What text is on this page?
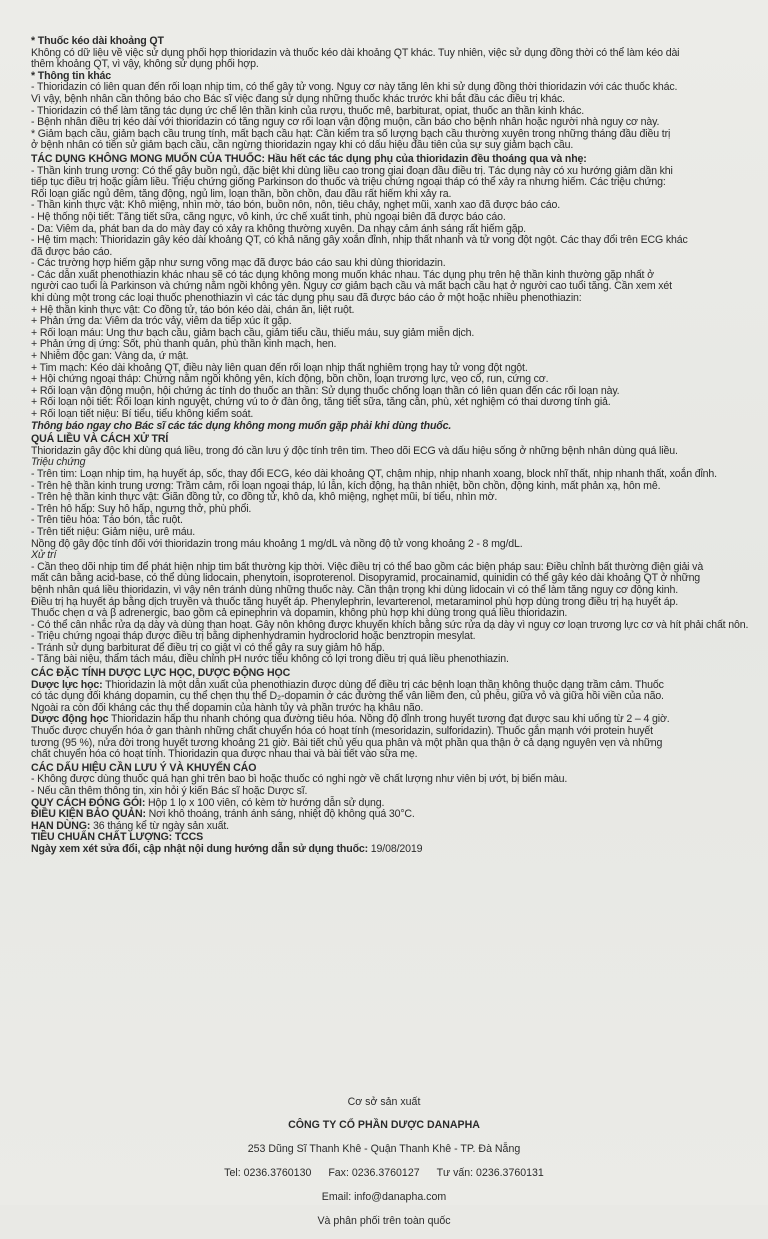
* Thuốc kéo dài khoảng QT

Không có dữ liệu về việc sử dụng phối hợp thioridazin và thuốc kéo dài khoảng QT khác. Tuy nhiên, việc sử dụng đồng thời có thể làm kéo dài

thêm khoảng QT, vì vậy, không sử dụng phối hợp.

* Thông tin khác

- Thioridazin có liên quan đến rối loạn nhịp tim, có thể gây tử vong. Nguy cơ này tăng lên khi sử dụng đồng thời thioridazin với các thuốc khác.

Vì vậy, bệnh nhân cần thông báo cho Bác sĩ việc đang sử dụng những thuốc khác trước khi bắt đầu các điều trị khác.

- Thioridazin có thể làm tăng tác dụng ức chế lên thần kinh của rượu, thuốc mê, barbiturat, opiat, thuốc an thần kinh khác.

- Bệnh nhân điều trị kéo dài với thioridazin có tăng nguy cơ rối loạn vận động muộn, cần báo cho bệnh nhân hoặc người nhà nguy cơ này.

* Giảm bạch cầu, giảm bạch cầu trung tính, mất bạch cầu hạt: Cần kiểm tra số lượng bạch cầu thường xuyên trong những tháng đầu điều trị

ở bệnh nhân có tiền sử giảm bạch cầu, cần ngừng thioridazin ngay khi có dấu hiệu đầu tiên của sự suy giảm bạch cầu.

TÁC DỤNG KHÔNG MONG MUỐN CỦA THUỐC: Hầu hết các tác dụng phụ của thioridazin đều thoáng qua và nhẹ:

- Thần kinh trung ương: Có thể gây buồn ngủ, đặc biệt khi dùng liều cao trong giai đoạn đầu điều trị. Tác dụng này có xu hướng giảm dần khi

tiếp tục điều trị hoặc giảm liều. Triệu chứng giống Parkinson do thuốc và triệu chứng ngoại tháp có thể xảy ra nhưng hiếm. Các triệu chứng:

Rối loạn giấc ngủ đêm, tăng động, ngủ lim, loạn thần, bồn chồn, đau đầu rất hiếm khi xảy ra.

- Thần kinh thực vật: Khô miệng, nhìn mờ, táo bón, buồn nôn, nôn, tiêu chảy, nghẹt mũi, xanh xao đã được báo cáo.

- Hệ thống nội tiết: Tăng tiết sữa, căng ngực, vô kinh, ức chế xuất tinh, phù ngoại biên đã được báo cáo.

- Da: Viêm da, phát ban da do mày đay có xảy ra không thường xuyên. Da nhạy cảm ánh sáng rất hiếm gặp.

- Hệ tim mạch: Thioridazin gây kéo dài khoảng QT, có khả năng gây xoắn đỉnh, nhịp thất nhanh và tử vong đột ngột. Các thay đổi trên ECG khác

đã được báo cáo.

- Các trường hợp hiếm gặp như sưng võng mạc đã được báo cáo sau khi dùng thioridazin.

- Các dẫn xuất phenothiazin khác nhau sẽ có tác dụng không mong muốn khác nhau. Tác dụng phụ trên hệ thần kinh thường gặp nhất ở

người cao tuổi là Parkinson và chứng nằm ngồi không yên. Nguy cơ giảm bạch cầu và mất bạch cầu hạt ở người cao tuổi tăng. Cần xem xét

khi dùng một trong các loại thuốc phenothiazin vì các tác dụng phụ sau đã được báo cáo ở một hoặc nhiều phenothiazin:

+ Hệ thần kinh thực vật: Co đồng tử, táo bón kéo dài, chán ăn, liệt ruột.

+ Phản ứng da: Viêm da tróc vảy, viêm da tiếp xúc ít gặp.

+ Rối loạn máu: Ung thư bạch cầu, giảm bạch cầu, giảm tiểu cầu, thiếu máu, suy giảm miễn dịch.

+ Phản ứng dị ứng: Sốt, phù thanh quản, phù thần kinh mạch, hen.

+ Nhiễm độc gan: Vàng da, ứ mật.

+ Tim mạch: Kéo dài khoảng QT, điều này liên quan đến rối loạn nhịp thất nghiêm trọng hay tử vong đột ngột.

+ Hội chứng ngoại tháp: Chứng nằm ngồi không yên, kích động, bồn chồn, loạn trương lực, vẹo cổ, run, cứng cơ.

+ Rối loạn vận động muộn, hội chứng ác tính do thuốc an thần: Sử dụng thuốc chống loạn thần có liên quan đến các rối loạn này.

+ Rối loạn nội tiết: Rối loạn kinh nguyệt, chứng vú to ở đàn ông, tăng tiết sữa, tăng cân, phù, xét nghiệm có thai dương tính giả.

+ Rối loạn tiết niệu: Bí tiểu, tiểu không kiểm soát.

Thông báo ngay cho Bác sĩ các tác dụng không mong muốn gặp phải khi dùng thuốc.

QUÁ LIỀU VÀ CÁCH XỬ TRÍ

Thioridazin gây độc khi dùng quá liều, trong đó cần lưu ý độc tính trên tim. Theo dõi ECG và dấu hiệu sống ở những bệnh nhân dùng quá liều.

Triệu chứng

- Trên tim: Loạn nhịp tim, hạ huyết áp, sốc, thay đổi ECG, kéo dài khoảng QT, chậm nhịp, nhịp nhanh xoang, block nhĩ thất, nhịp nhanh thất, xoắn đỉnh.

- Trên hệ thần kinh trung ương: Trầm cảm, rối loạn ngoại tháp, lú lẫn, kích động, hạ thân nhiệt, bồn chồn, động kinh, mất phản xạ, hôn mê.

- Trên hệ thần kinh thực vật: Giãn đồng tử, co đồng tử, khô da, khô miệng, nghẹt mũi, bí tiểu, nhìn mờ.

- Trên hô hấp: Suy hô hấp, ngưng thở, phù phổi.

- Trên tiêu hóa: Táo bón, tắc ruột.

- Trên tiết niệu: Giảm niệu, urê máu.

Nồng độ gây độc tính đối với thioridazin trong máu khoảng 1 mg/dL và nồng độ tử vong khoảng 2 - 8 mg/dL.

Xử trí

- Cần theo dõi nhịp tim để phát hiện nhịp tim bất thường kịp thời. Việc điều trị có thể bao gồm các biện pháp sau: Điều chỉnh bất thường điện giải và

mất cân bằng acid-base, có thể dùng lidocain, phenytoin, isoproterenol. Disopyramid, procainamid, quinidin có thể gây kéo dài khoảng QT ở những

bệnh nhân quá liều thioridazin, vì vậy nên tránh dùng những thuốc này. Cần thận trọng khi dùng lidocain vì có thể làm tăng nguy cơ động kinh.

Điều trị hạ huyết áp bằng dịch truyền và thuốc tăng huyết áp. Phenylephrin, levarterenol, metaraminol phù hợp dùng trong điều trị hạ huyết áp.

Thuốc chẹn α và β adrenergic, bao gồm cả epinephrin và dopamin, không phù hợp khi dùng trong quá liều thioridazin.

- Có thể cân nhắc rửa dạ dày và dùng than hoạt. Gây nôn không được khuyến khích bằng sức rửa dạ dày vì nguy cơ loạn trương lực cơ và hít phải chất nôn.

- Triệu chứng ngoại tháp được điều trị bằng diphenhydramin hydroclorid hoặc benztropin mesylat.

- Tránh sử dụng barbiturat để điều trị co giật vì có thể gây ra suy giảm hô hấp.

- Tăng bài niệu, thẩm tách máu, điều chỉnh pH nước tiểu không có lợi trong điều trị quá liều phenothiazin.

CÁC ĐẶC TÍNH DƯỢC LỰC HỌC, DƯỢC ĐỘNG HỌC

Dược lực học: Thioridazin là một dẫn xuất của phenothiazin được dùng để điều trị các bệnh loạn thần không thuộc dạng trầm cảm. Thuốc

có tác dụng đối kháng dopamin, cụ thể chẹn thụ thể D₂-dopamin ở các đường thể vân liềm đen, củ phễu, giữa vỏ và giữa hồi viền của não.

Ngoài ra còn đối kháng các thụ thể dopamin của hành tủy và phần trước hạ khâu não.

Dược động học Thioridazin hấp thu nhanh chóng qua đường tiêu hóa. Nồng độ đỉnh trong huyết tương đạt được sau khi uống từ 2 – 4 giờ.

Thuốc được chuyển hóa ở gan thành những chất chuyển hóa có hoạt tính (mesoridazin, sulforidazin). Thuốc gắn mạnh với protein huyết

tương (95 %), nửa đời trong huyết tương khoảng 21 giờ. Bài tiết chủ yếu qua phân và một phần qua thận ở cả dạng nguyên vẹn và những

chất chuyển hóa có hoạt tính. Thioridazin qua được nhau thai và bài tiết vào sữa mẹ.

CÁC DẤU HIỆU CẦN LƯU Ý VÀ KHUYẾN CÁO

- Không được dùng thuốc quá hạn ghi trên bao bì hoặc thuốc có nghi ngờ về chất lượng như viên bị ướt, bị biến màu.

- Nếu cần thêm thông tin, xin hỏi ý kiến Bác sĩ hoặc Dược sĩ.

QUY CÁCH ĐÓNG GÓI: Hộp 1 lọ x 100 viên, có kèm tờ hướng dẫn sử dụng.

ĐIỀU KIỆN BẢO QUẢN: Nơi khô thoáng, tránh ánh sáng, nhiệt độ không quá 30°C.

HẠN DÙNG: 36 tháng kể từ ngày sản xuất.

TIÊU CHUẨN CHẤT LƯỢNG: TCCS

Ngày xem xét sửa đổi, cập nhật nội dung hướng dẫn sử dụng thuốc: 19/08/2019

Cơ sở sản xuất

CÔNG TY CỔ PHẦN DƯỢC DANAPHA

253 Dũng Sĩ Thanh Khê - Quận Thanh Khê - TP. Đà Nẵng

Tel: 0236.3760130 Fax: 0236.3760127 Tư vấn: 0236.3760131

Email: info@danapha.com

Và phân phối trên toàn quốc
